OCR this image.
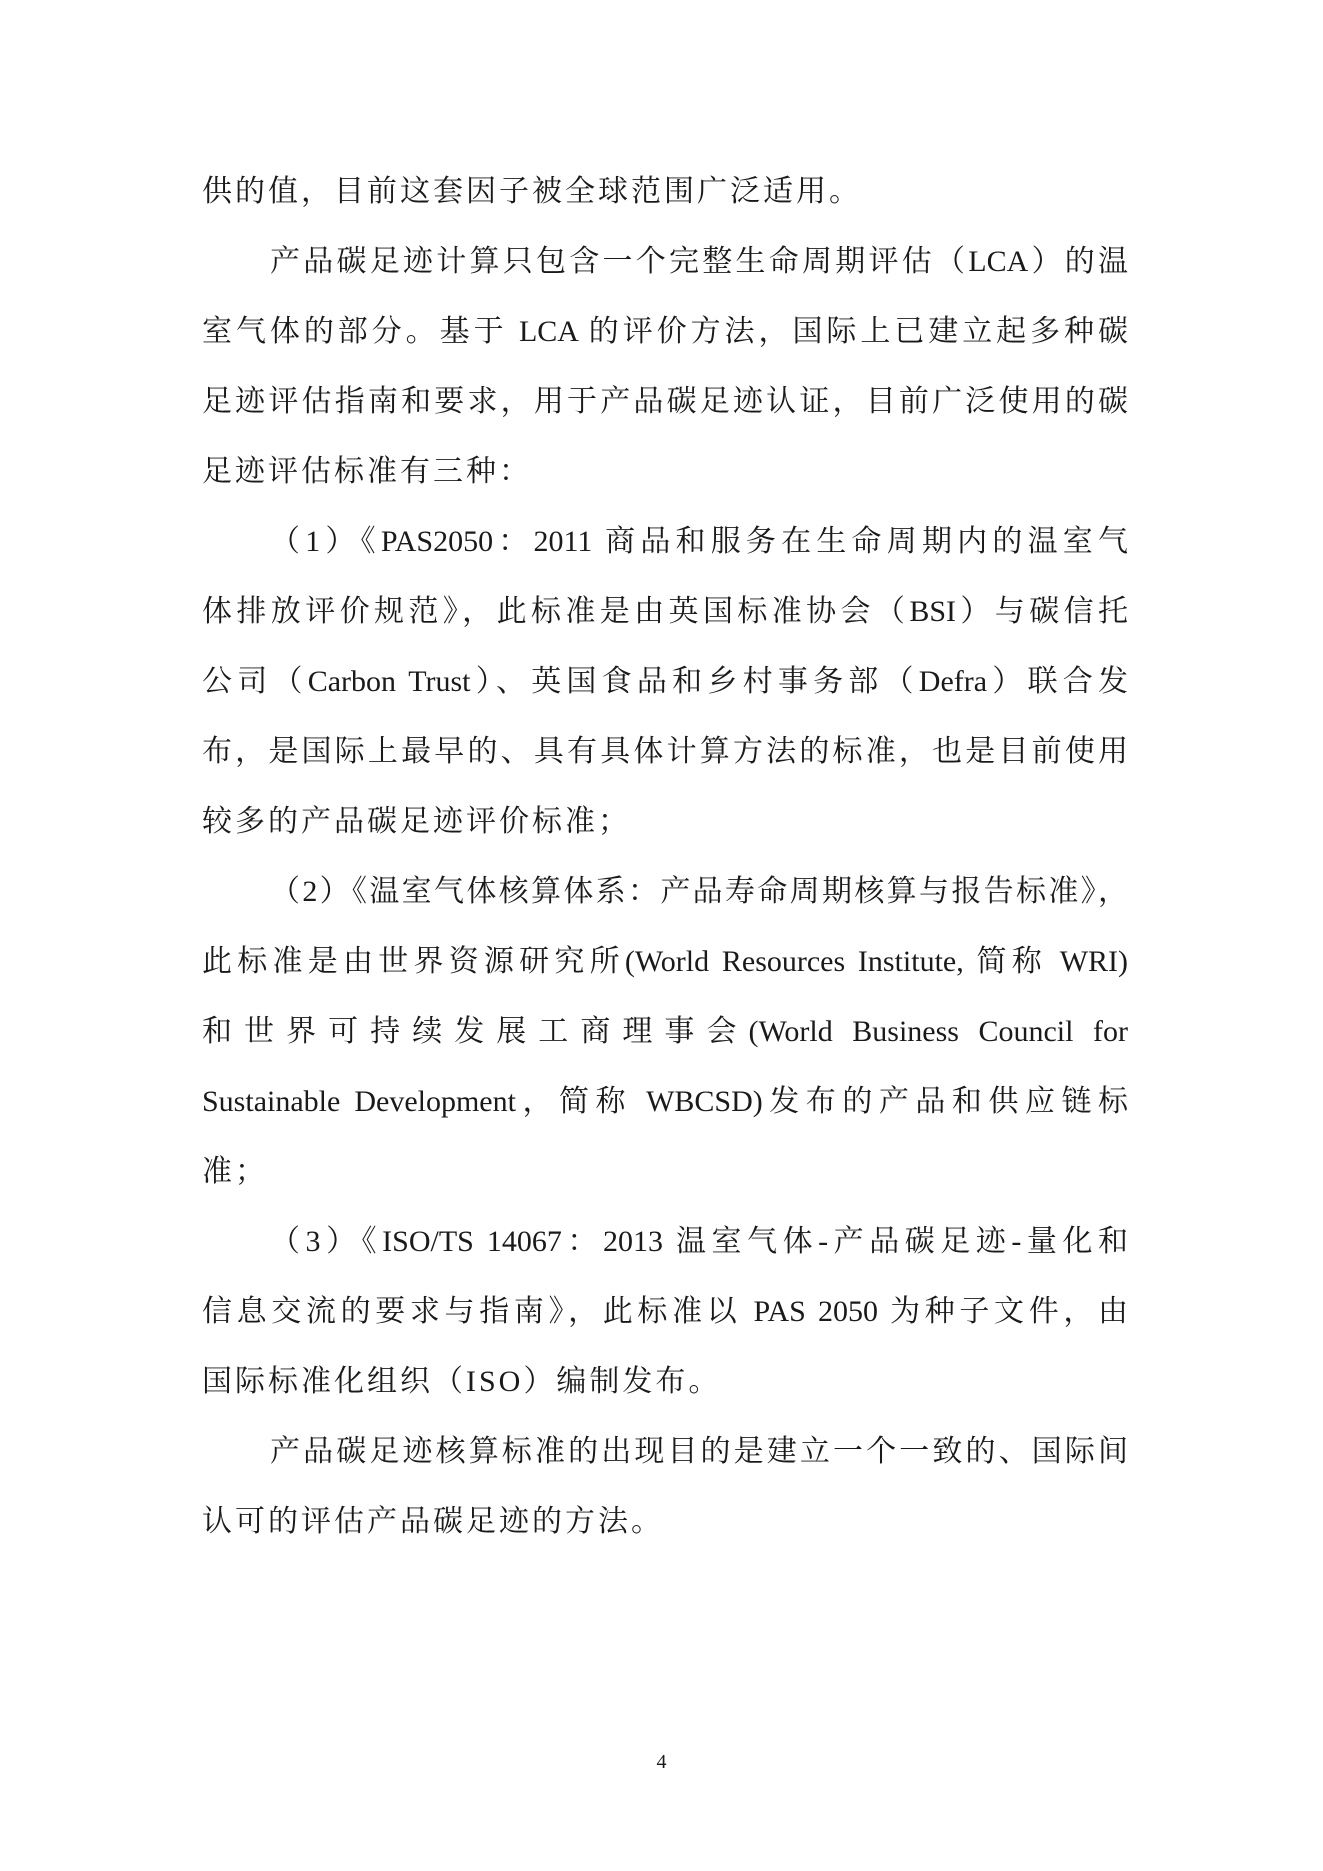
供的值，目前这套因子被全球范围广泛适用。
产品碳足迹计算只包含一个完整生命周期评估（LCA）的温
室气体的部分。基于 LCA 的评价方法，国际上已建立起多种碳
足迹评估指南和要求，用于产品碳足迹认证，目前广泛使用的碳
足迹评估标准有三种：
（1）《PAS2050：2011 商品和服务在生命周期内的温室气
体排放评价规范》，此标准是由英国标准协会（BSI）与碳信托
公司（Carbon Trust）、英国食品和乡村事务部（Defra）联合发
布，是国际上最早的、具有具体计算方法的标准，也是目前使用
较多的产品碳足迹评价标准；
（2）《温室气体核算体系：产品寿命周期核算与报告标准》，
此标准是由世界资源研究所(World Resources Institute, 简称 WRI)
和世界可持续发展工商理事会(World Business Council for
Sustainable Development，简称 WBCSD)发布的产品和供应链标
准；
（3）《ISO/TS 14067：2013 温室气体-产品碳足迹-量化和
信息交流的要求与指南》，此标准以 PAS 2050 为种子文件，由
国际标准化组织（ISO）编制发布。
产品碳足迹核算标准的出现目的是建立一个一致的、国际间
认可的评估产品碳足迹的方法。
4
